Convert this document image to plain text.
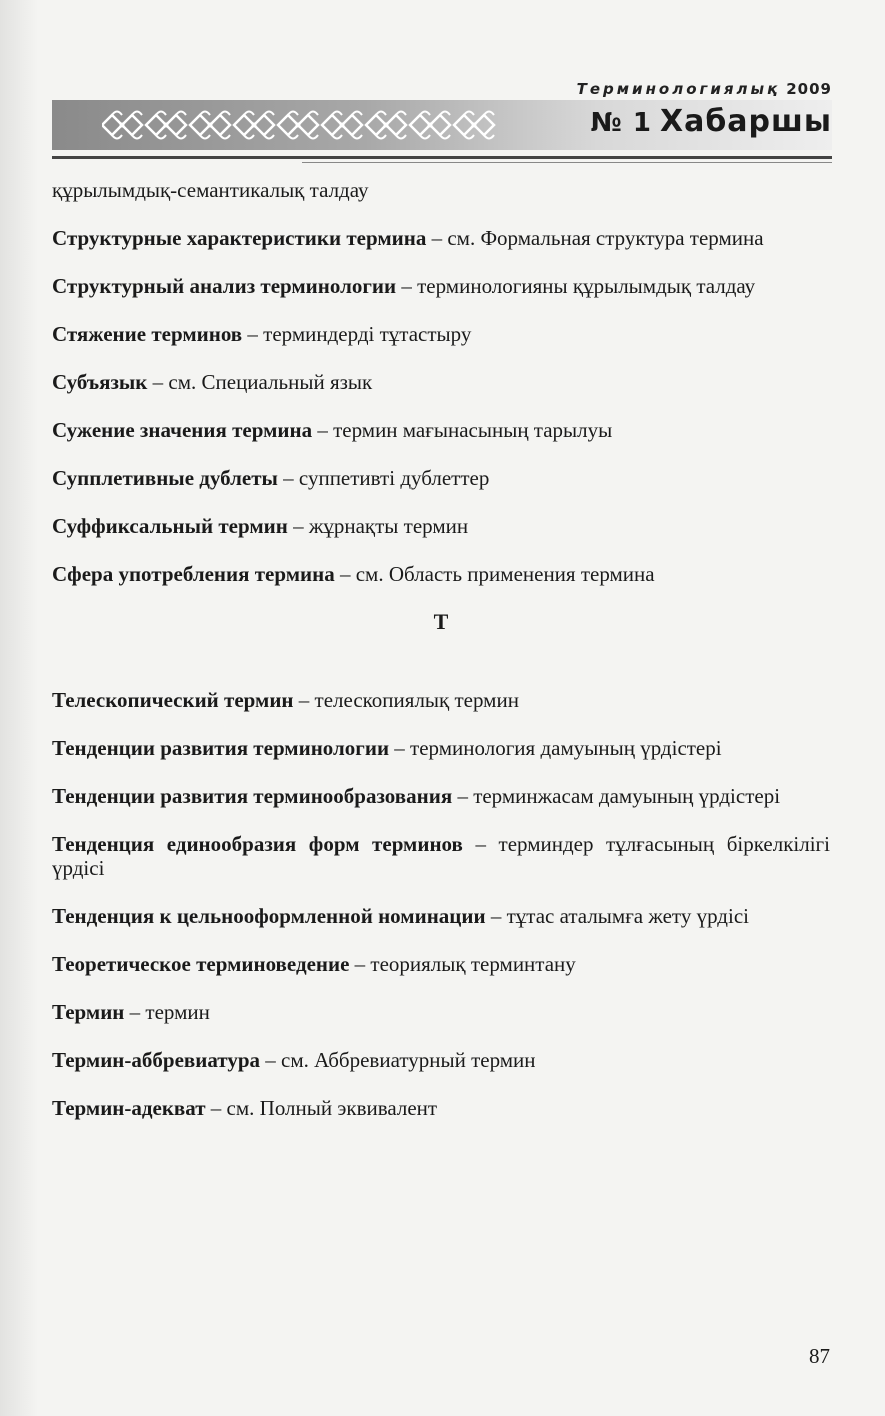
Терминологиялық 2009
№ 1 Хабаршы

құрылымдық-семантикалық талдау

Структурные характеристики термина – см. Формальная структура термина

Структурный анализ терминологии – терминологияны құрылымдық талдау

Стяжение терминов – терминдерді тұтастыру

Субъязык – см. Специальный язык

Сужение значения термина – термин мағынасының тарылуы

Супплетивные дублеты – суппетивті дублеттер

Суффиксальный термин – жұрнақты термин

Сфера употребления термина – см. Область применения термина

Т

Телескопический термин – телескопиялық термин

Тенденции развития терминологии – терминология дамуының үрдістері

Тенденции развития терминообразования – терминжасам дамуының үрдістері

Тенденция единообразия форм терминов – терминдер тұлғасының біркелкілігі үрдісі

Тенденция к цельнооформленной номинации – тұтас аталымға жету үрдісі

Теоретическое терминоведение – теориялық терминтану

Термин – термин

Термин-аббревиатура – см. Аббревиатурный термин

Термин-адекват – см. Полный эквивалент

87
